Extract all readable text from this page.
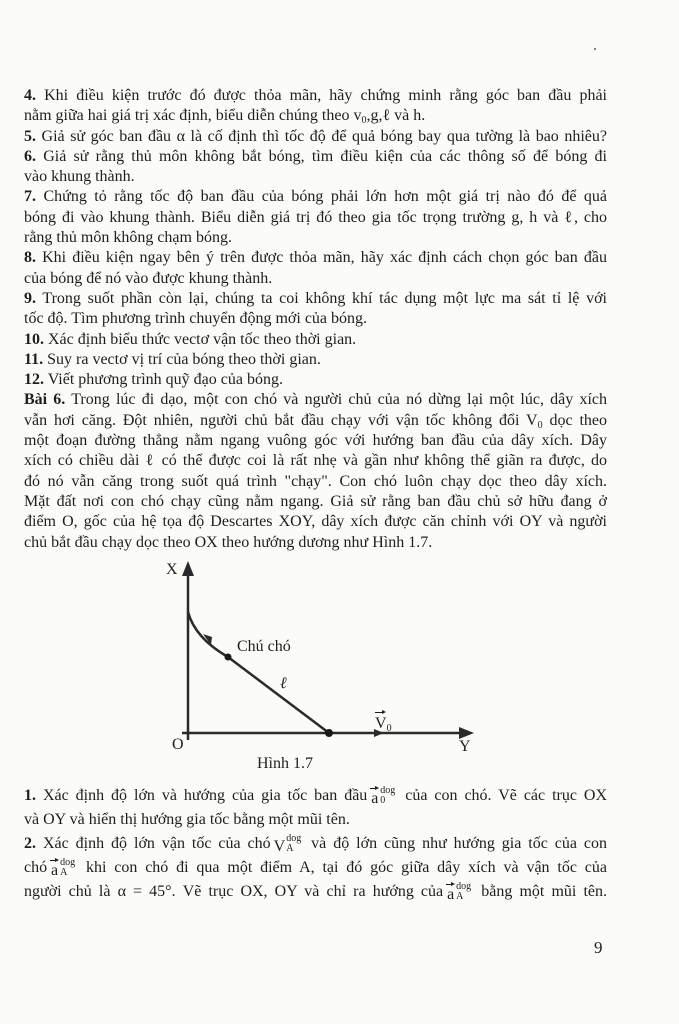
4. Khi điều kiện trước đó được thỏa mãn, hãy chứng minh rằng góc ban đầu phải
nằm giữa hai giá trị xác định, biểu diễn chúng theo v0,g,ℓ và h.
5. Giả sử góc ban đầu α là cố định thì tốc độ để quả bóng bay qua tường là bao nhiêu?
6. Giả sử rằng thủ môn không bắt bóng, tìm điều kiện của các thông số để bóng đi
vào khung thành.
7. Chứng tỏ rằng tốc độ ban đầu của bóng phải lớn hơn một giá trị nào đó để quả
bóng đi vào khung thành. Biểu diễn giá trị đó theo gia tốc trọng trường g, h và ℓ, cho
rằng thủ môn không chạm bóng.
8. Khi điều kiện ngay bên ý trên được thỏa mãn, hãy xác định cách chọn góc ban đầu
của bóng để nó vào được khung thành.
9. Trong suốt phần còn lại, chúng ta coi không khí tác dụng một lực ma sát tỉ lệ với
tốc độ. Tìm phương trình chuyển động mới của bóng.
10. Xác định biểu thức vectơ vận tốc theo thời gian.
11. Suy ra vectơ vị trí của bóng theo thời gian.
12. Viết phương trình quỹ đạo của bóng.
Bài 6. Trong lúc đi dạo, một con chó và người chủ của nó dừng lại một lúc, dây xích
vẫn hơi căng. Đột nhiên, người chủ bắt đầu chạy với vận tốc không đổi V0 dọc theo
một đoạn đường thẳng nằm ngang vuông góc với hướng ban đầu của dây xích. Dây
xích có chiều dài ℓ có thể được coi là rất nhẹ và gần như không thể giãn ra được, do
đó nó vẫn căng trong suốt quá trình "chạy". Con chó luôn chạy dọc theo dây xích.
Mặt đất nơi con chó chạy cũng nằm ngang. Giả sử rằng ban đầu chủ sở hữu đang ở
điểm O, gốc của hệ tọa độ Descartes XOY, dây xích được căn chỉnh với OY và người
chủ bắt đầu chạy dọc theo OX theo hướng dương như Hình 1.7.
X
O	Y
Chú chó
ℓ
V0
Hình 1.7
1. Xác định độ lớn và hướng của gia tốc ban đầu a dog
0 của con chó. Vẽ các trục OX
và OY và hiển thị hướng gia tốc bằng một mũi tên.
2. Xác định độ lớn vận tốc của chó V dog
A và độ lớn cũng như hướng gia tốc của con
chó a dog
A khi con chó đi qua một điểm A, tại đó góc giữa dây xích và vận tốc của
người chủ là α = 45°. Vẽ trục OX, OY và chỉ ra hướng của a dog
A bằng một mũi tên.
9
